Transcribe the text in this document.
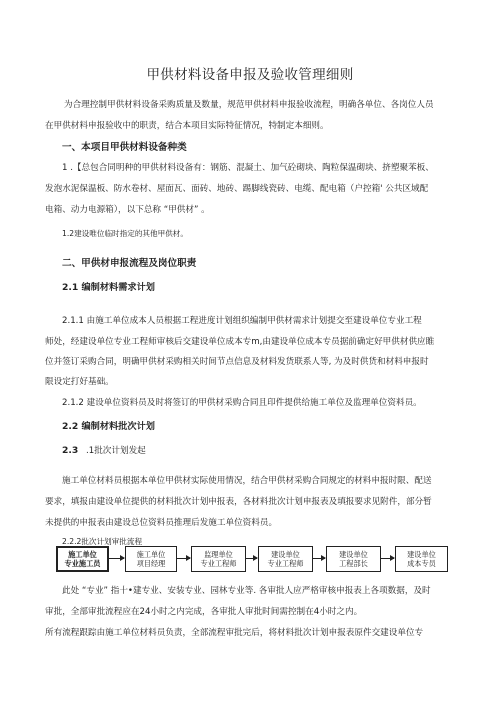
甲供材料设备申报及验收管理细则
为合理控制甲供材料设备采购质量及数量，规范甲供材料申报验收流程，明确各单位、各岗位人员
在甲供材料申报验收中的职责，结合本项目实际特征情况，特制定本细则。
一、本项目甲供材料设备种类
1 .【总包合同明种的甲供材料设备有：钢筋、混凝土、加气砼砌块、陶粒保温砌块、挤塑聚苯板、
发泡水泥保温板、防水卷材、屋面瓦、面砖、地砖、踢脚线瓷砖、电缆、配电箱（户控箱' 公共区域配
电箱、动力电源箱），以下总称 “甲供材” 。
1.2建设唯位临时指定的其他甲供材。
二、甲供材申报流程及岗位职责
2.1 编制材料需求计划
2.1.1 由施工单位成本人员根据工程进度计划组织编制甲供材需求计划提交至建设单位专业工程
师处，经建设单位专业工程师审核后交建设单位成本专m,由建设单位成本专员据前确定好甲供材供应睢
位并签订采购合同，明确甲供材采购相关时间节点信息及材料发货联系人等, 为及时供货和材料申报时
限设定打好基础。
2.1.2 建设单位资料员及时将签订的甲供材采购合同且印件提供给施工单位及监理单位资料员。
2.2 编制材料批次计划
2.3 .1批次计划发起
施工单位材料员根据本单位甲供材实际使用情况，结合甲供材采购合同规定的材料申报时限、配送
要求，填报由建设单位提供的材料批次计划申报表，各材料批次计划申报表及填报要求见附件，部分暂
未提供的申报表由建设总位资料员推理后发施工单位资料员。
2.2.2批次计划审批流程
施工单位
专业施工员
施工单位
项目经理
监理单位
专业工程师
建设单位
专业工程师
建设单位
工程部长
建设单位
成本专员
此处 “专业” 指十•建专业、安装专业、园林专业等. 各审批人应严格审核申报表上各项数据，及时
审批，全部审批流程应在24小时之内完成，各审批人审批时间需控制在4小时之内。
所有流程跟踪由施工单位材料员负责，全部流程审批完后，将材料批次计划申报表原件交建设单位专
